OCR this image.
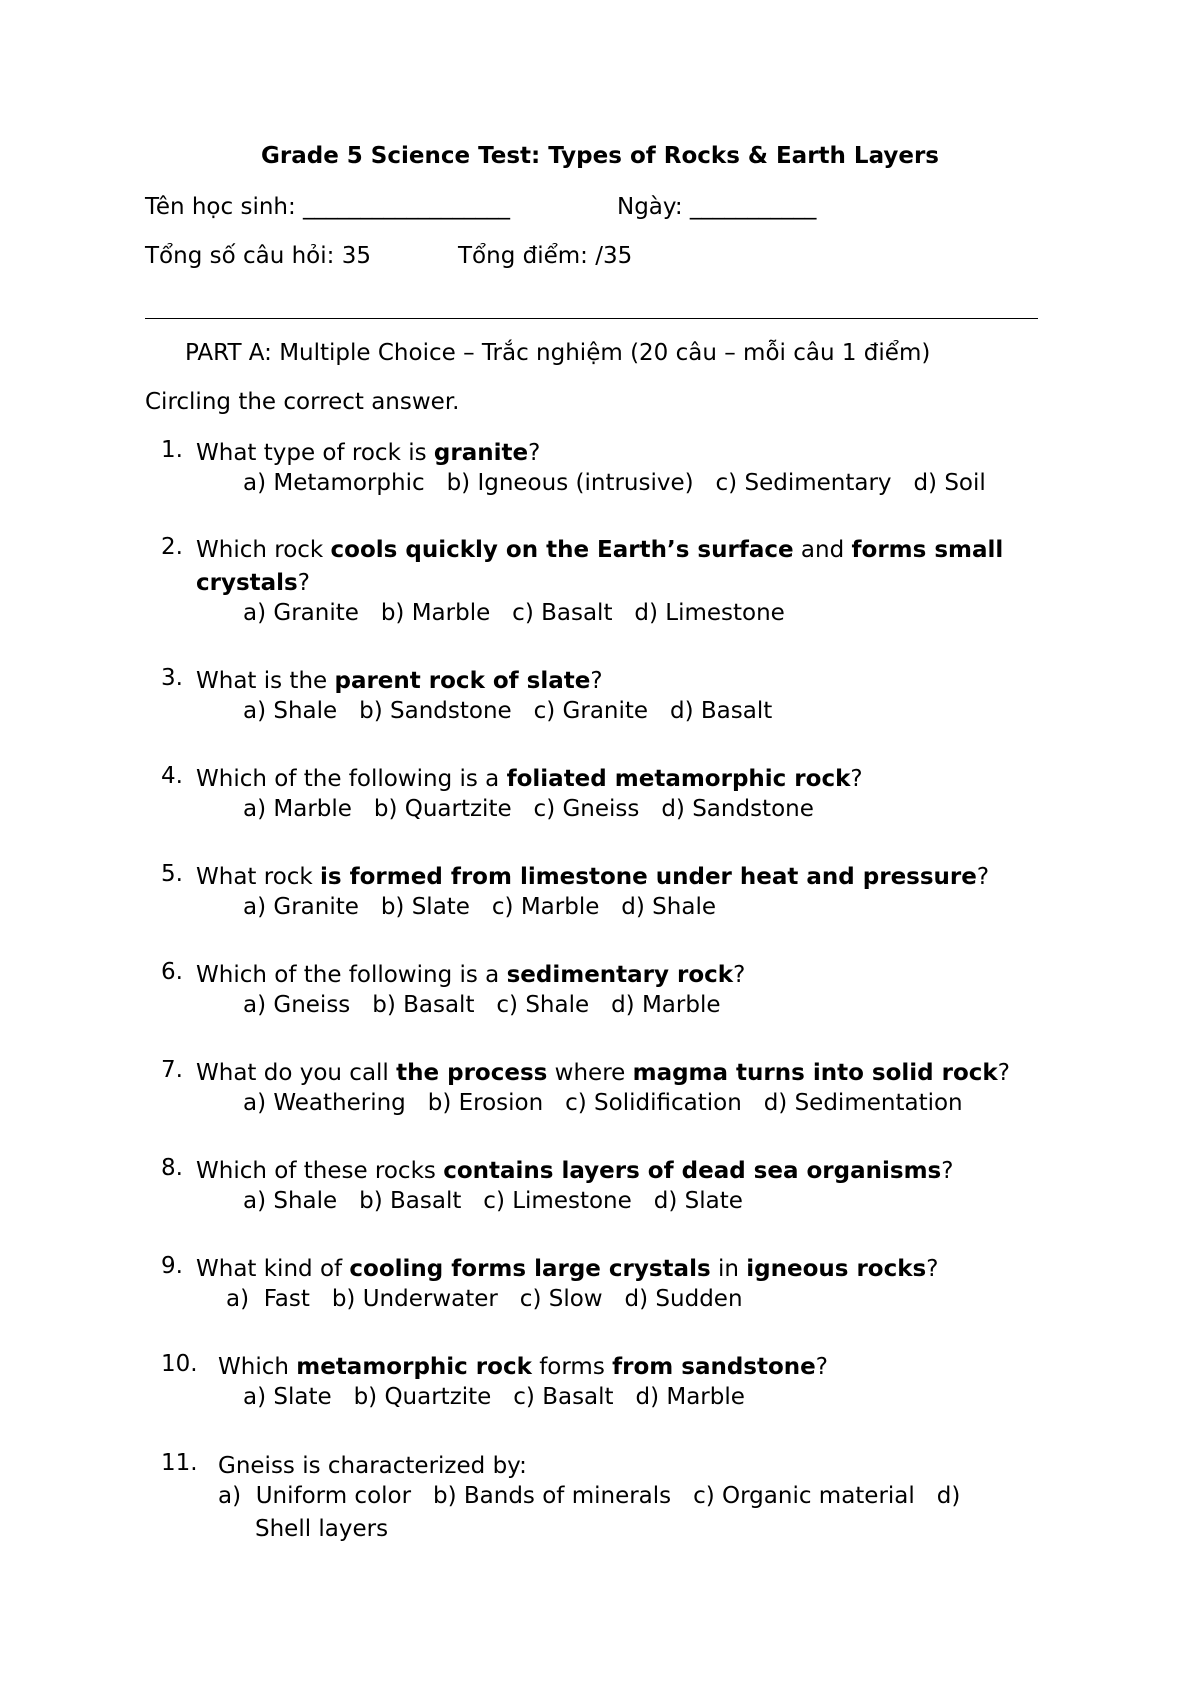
Grade 5 Science Test: Types of Rocks & Earth Layers
Tên học sinh: __________________	Ngày: ___________
Tổng số câu hỏi: 35	Tổng điểm: /35
PART A: Multiple Choice – Trắc nghiệm (20 câu – mỗi câu 1 điểm)
Circling the correct answer.
1. What type of rock is granite?
a) Metamorphic   b) Igneous (intrusive)   c) Sedimentary   d) Soil
2. Which rock cools quickly on the Earth’s surface and forms small crystals?
a) Granite   b) Marble   c) Basalt   d) Limestone
3. What is the parent rock of slate?
a) Shale   b) Sandstone   c) Granite   d) Basalt
4. Which of the following is a foliated metamorphic rock?
a) Marble   b) Quartzite   c) Gneiss   d) Sandstone
5. What rock is formed from limestone under heat and pressure?
a) Granite   b) Slate   c) Marble   d) Shale
6. Which of the following is a sedimentary rock?
a) Gneiss   b) Basalt   c) Shale   d) Marble
7. What do you call the process where magma turns into solid rock?
a) Weathering   b) Erosion   c) Solidification   d) Sedimentation
8. Which of these rocks contains layers of dead sea organisms?
a) Shale   b) Basalt   c) Limestone   d) Slate
9. What kind of cooling forms large crystals in igneous rocks?
a)  Fast   b) Underwater   c) Slow   d) Sudden
10. Which metamorphic rock forms from sandstone?
a) Slate   b) Quartzite   c) Basalt   d) Marble
11. Gneiss is characterized by:
a)  Uniform color   b) Bands of minerals   c) Organic material   d)
Shell layers
